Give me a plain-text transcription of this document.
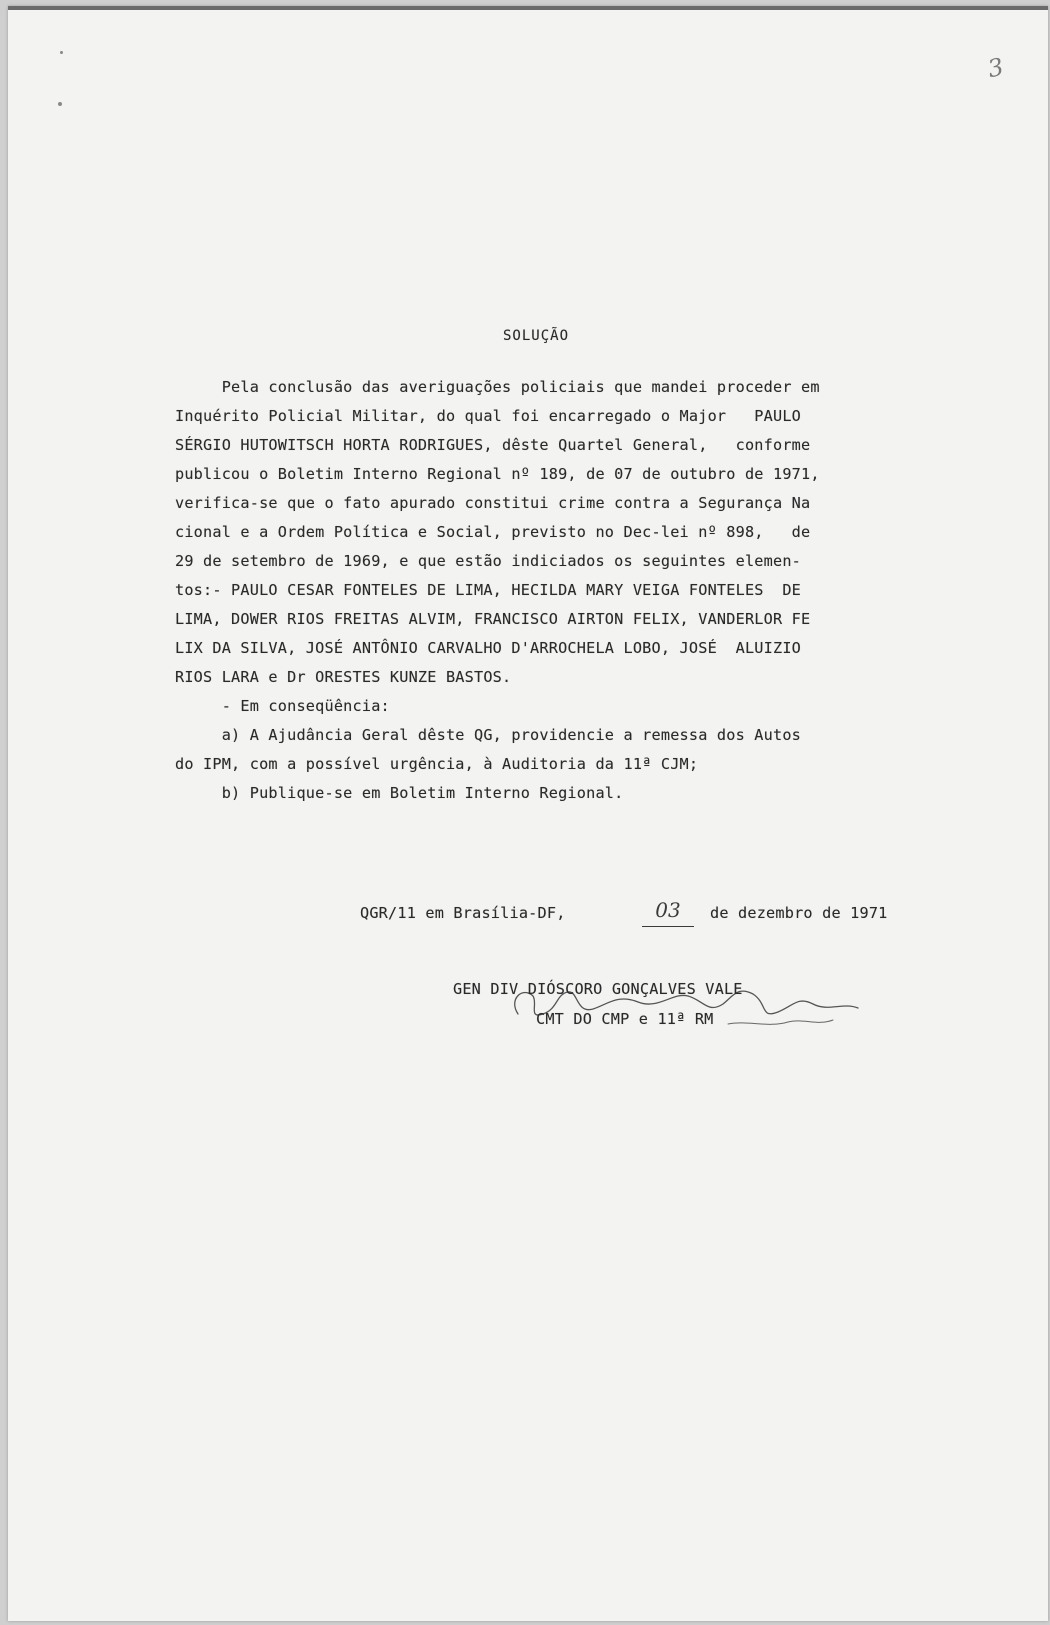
3
SOLUÇÃO
Pela conclusão das averiguações policiais que mandei proceder em
Inquérito Policial Militar, do qual foi encarregado o Major   PAULO
SÉRGIO HUTOWITSCH HORTA RODRIGUES, dêste Quartel General,   conforme
publicou o Boletim Interno Regional nº 189, de 07 de outubro de 1971,
verifica-se que o fato apurado constitui crime contra a Segurança Na
cional e a Ordem Política e Social, previsto no Dec-lei nº 898,   de
29 de setembro de 1969, e que estão indiciados os seguintes elemen-
tos:- PAULO CESAR FONTELES DE LIMA, HECILDA MARY VEIGA FONTELES  DE
LIMA, DOWER RIOS FREITAS ALVIM, FRANCISCO AIRTON FELIX, VANDERLOR FE
LIX DA SILVA, JOSÉ ANTÔNIO CARVALHO D'ARROCHELA LOBO, JOSÉ  ALUIZIO
RIOS LARA e Dr ORESTES KUNZE BASTOS.
- Em conseqüência:
a) A Ajudância Geral dêste QG, providencie a remessa dos Autos
do IPM, com a possível urgência, à Auditoria da 11ª CJM;
b) Publique-se em Boletim Interno Regional.
QGR/11 em Brasília-DF,	03	de dezembro de 1971
GEN DIV DIÓSCORO GONÇALVES VALE
CMT DO CMP e 11ª RM
